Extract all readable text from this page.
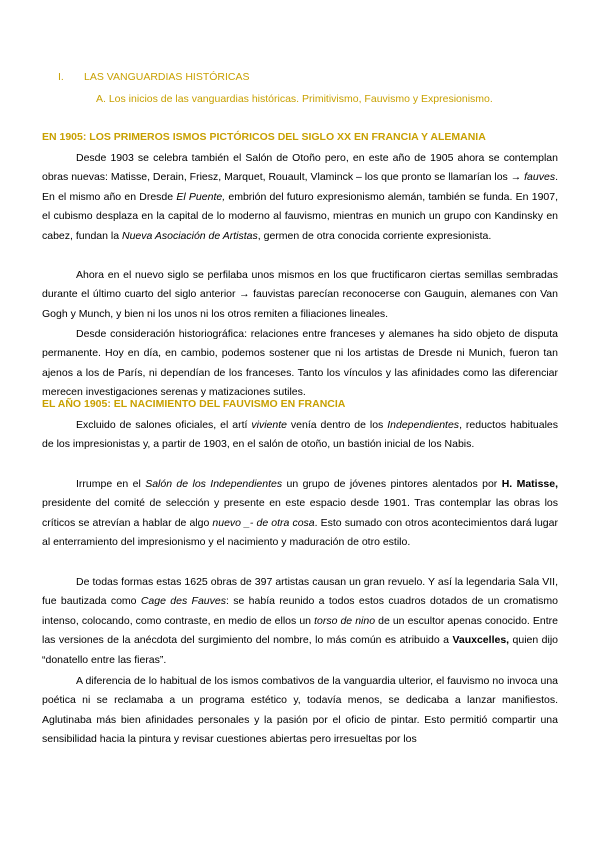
I. LAS VANGUARDIAS HISTÓRICAS
A. Los inicios de las vanguardias históricas. Primitivismo, Fauvismo y Expresionismo.
EN 1905: LOS PRIMEROS ISMOS PICTÓRICOS DEL SIGLO XX EN FRANCIA Y ALEMANIA

Desde 1903 se celebra también el Salón de Otoño pero, en este año de 1905 ahora se contemplan obras nuevas: Matisse, Derain, Friesz, Marquet, Rouault, Vlaminck – los que pronto se llamarían los → fauves. En el mismo año en Dresde El Puente, embrión del futuro expresionismo alemán, también se funda. En 1907, el cubismo desplaza en la capital de lo moderno al fauvismo, mientras en munich un grupo con Kandinsky en cabez, fundan la Nueva Asociación de Artistas, germen de otra conocida corriente expresionista.

Ahora en el nuevo siglo se perfilaba unos mismos en los que fructificaron ciertas semillas sembradas durante el último cuarto del siglo anterior → fauvistas parecían reconocerse con Gauguin, alemanes con Van Gogh y Munch, y bien ni los unos ni los otros remiten a filiaciones lineales.

Desde consideración historiográfica: relaciones entre franceses y alemanes ha sido objeto de disputa permanente. Hoy en día, en cambio, podemos sostener que ni los artistas de Dresde ni Munich, fueron tan ajenos a los de París, ni dependían de los franceses. Tanto los vínculos y las afinidades como las diferenciar merecen investigaciones serenas y matizaciones sutiles.

EL AÑO 1905: EL NACIMIENTO DEL FAUVISMO EN FRANCIA

Excluido de salones oficiales, el artí viviente venía dentro de los Independientes, reductos habituales de los impresionistas y, a partir de 1903, en el salón de otoño, un bastión inicial de los Nabis.

Irrumpe en el Salón de los Independientes un grupo de jóvenes pintores alentados por H. Matisse, presidente del comité de selección y presente en este espacio desde 1901. Tras contemplar las obras los críticos se atrevían a hablar de algo nuevo _- de otra cosa. Esto sumado con otros acontecimientos dará lugar al enterramiento del impresionismo y el nacimiento y maduración de otro estilo.

De todas formas estas 1625 obras de 397 artistas causan un gran revuelo. Y así la legendaria Sala VII, fue bautizada como Cage des Fauves: se había reunido a todos estos cuadros dotados de un cromatismo intenso, colocando, como contraste, en medio de ellos un torso de nino de un escultor apenas conocido. Entre las versiones de la anécdota del surgimiento del nombre, lo más común es atribuido a Vauxcelles, quien dijo “donatello entre las fieras”.

A diferencia de lo habitual de los ismos combativos de la vanguardia ulterior, el fauvismo no invoca una poética ni se reclamaba a un programa estético y, todavía menos, se dedicaba a lanzar manifiestos. Aglutinaba más bien afinidades personales y la pasión por el oficio de pintar. Esto permitió compartir una sensibilidad hacia la pintura y revisar cuestiones abiertas pero irresueltas por los
